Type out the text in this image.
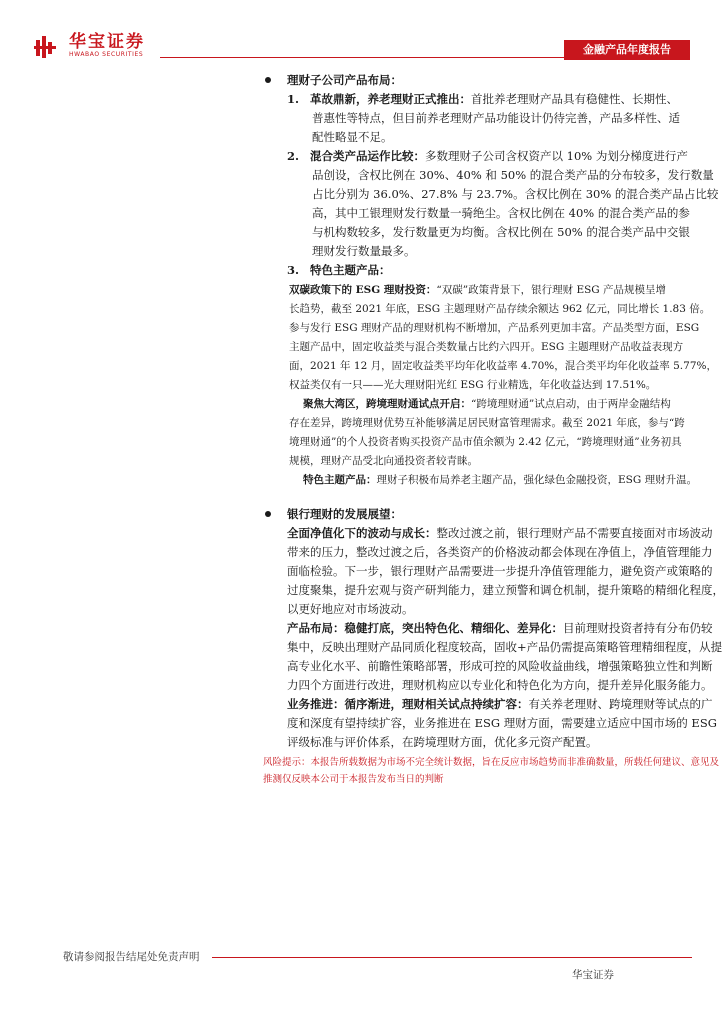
华宝证券
HWABAO SECURITIES	金融产品年度报告
理财子公司产品布局：
1. 革故鼎新，养老理财正式推出：首批养老理财产品具有稳健性、长期性、
普惠性等特点，但目前养老理财产品功能设计仍待完善，产品多样性、适
配性略显不足。
2. 混合类产品运作比较：多数理财子公司含权资产以 10% 为划分梯度进行产
品创设，含权比例在 30%、40% 和 50% 的混合类产品的分布较多，发行数量
占比分别为 36.0%、27.8% 与 23.7%。含权比例在 30% 的混合类产品占比较
高，其中工银理财发行数量一骑绝尘。含权比例在 40% 的混合类产品的参
与机构数较多，发行数量更为均衡。含权比例在 50% 的混合类产品中交银
理财发行数量最多。
3. 特色主题产品：
双碳政策下的 ESG 理财投资：“双碳”政策背景下，银行理财 ESG 产品规模呈增
长趋势，截至 2021 年底，ESG 主题理财产品存续余额达 962 亿元，同比增长 1.83 倍。
参与发行 ESG 理财产品的理财机构不断增加，产品系列更加丰富。产品类型方面，ESG
主题产品中，固定收益类与混合类数量占比约六四开。ESG 主题理财产品收益表现方
面，2021 年 12 月，固定收益类平均年化收益率 4.70%，混合类平均年化收益率 5.77%，
权益类仅有一只——光大理财阳光红 ESG 行业精选，年化收益达到 17.51%。
聚焦大湾区，跨境理财通试点开启：“跨境理财通”试点启动，由于两岸金融结构
存在差异，跨境理财优势互补能够满足居民财富管理需求。截至 2021 年底，参与“跨
境理财通”的个人投资者购买投资产品市值余额为 2.42 亿元，“跨境理财通”业务初具
规模，理财产品受北向通投资者较青睐。
特色主题产品：理财子积极布局养老主题产品，强化绿色金融投资，ESG 理财升温。
银行理财的发展展望：
全面净值化下的波动与成长：整改过渡之前，银行理财产品不需要直接面对市场波动
带来的压力，整改过渡之后，各类资产的价格波动都会体现在净值上，净值管理能力
面临检验。下一步，银行理财产品需要进一步提升净值管理能力，避免资产或策略的
过度聚集，提升宏观与资产研判能力，建立预警和调仓机制，提升策略的精细化程度，
以更好地应对市场波动。
产品布局：稳健打底，突出特色化、精细化、差异化：目前理财投资者持有分布仍较
集中，反映出理财产品同质化程度较高，固收+产品仍需提高策略管理精细程度，从提
高专业化水平、前瞻性策略部署，形成可控的风险收益曲线，增强策略独立性和判断
力四个方面进行改进，理财机构应以专业化和特色化为方向，提升差异化服务能力。
业务推进：循序渐进，理财相关试点持续扩容：有关养老理财、跨境理财等试点的广
度和深度有望持续扩容，业务推进在 ESG 理财方面，需要建立适应中国市场的 ESG
评级标准与评价体系，在跨境理财方面，优化多元资产配置。
风险提示：本报告所载数据为市场不完全统计数据，旨在反应市场趋势而非准确数量，所载任何建议、意见及
推测仅反映本公司于本报告发布当日的判断
敬请参阅报告结尾处免责声明
华宝证券
